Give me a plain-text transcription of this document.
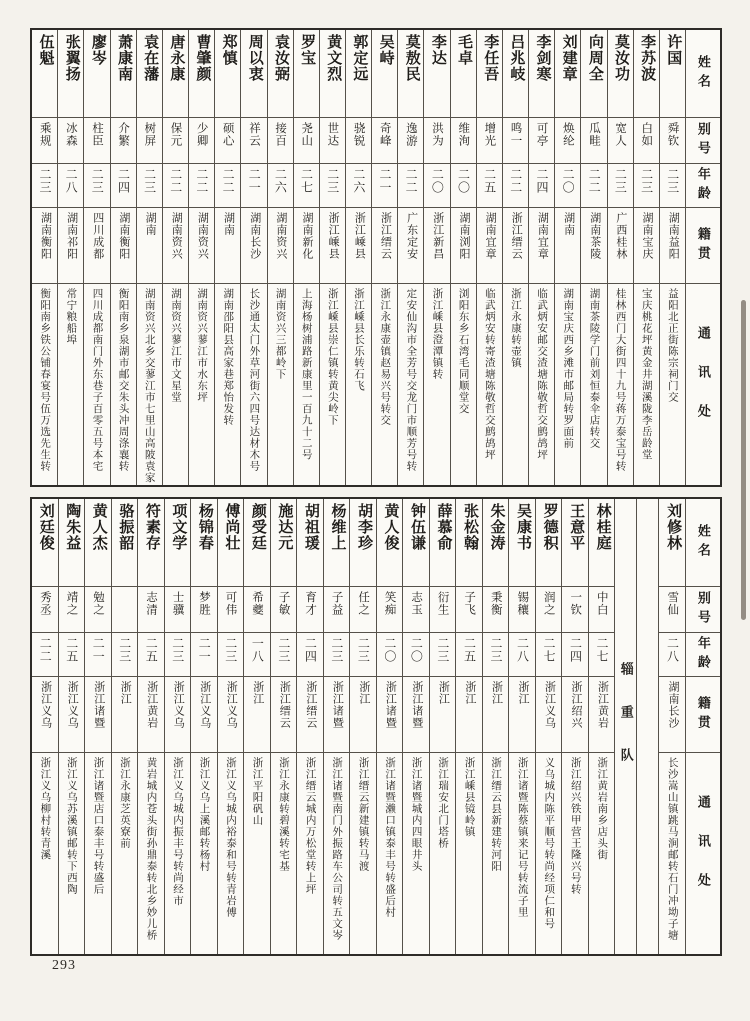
姓名
别号
年龄
籍贯
通讯处
许国
舜钦
二三
湖南益阳
益阳北正街陈宗祠门交
李苏波
白如
二三
湖南宝庆
宝庆桃花坪黄金井湖溪陇李岳龄堂
莫汝功
宽人
二三
广西桂林
桂林西门大街四十九号蒋万泰宝号转
向周全
瓜畦
二二
湖南茶陵
湖南茶陵学门前刘恒泰伞店转交
刘建章
焕纶
二〇
湖南
湖南宝庆西乡滩市邮局转罗面前
李剑寒
可亭
二四
湖南宜章
临武炳安邮交渣塘陈敬哲交鹧鸪坪
吕兆岐
鸣一
二二
浙江缙云
浙江永康转壶镇
李任吾
增光
二五
湖南宜章
临武炳安转寄渣塘陈敬哲交鹧鸪坪
毛卓
维洵
二〇
湖南浏阳
浏阳东乡石湾毛同顺堂交
李达
洪为
二〇
浙江新昌
浙江嵊县澄潭镇转
莫敖民
逸游
二二
广东定安
定安仙沟市全芳号交龙门市顺芳号转
吴峙
奇峰
二一
浙江缙云
浙江永康壶镇赵易兴号转交
郭定远
骁锐
二六
浙江嵊县
浙江嵊县长乐转石飞
黄文烈
世达
二三
浙江嵊县
浙江嵊县崇仁镇转黄尖岭下
罗宝
尧山
二七
湖南新化
上海杨树浦路新康里一百九十二号
袁汝弼
接百
二六
湖南资兴
湖南资兴三都岭下
周以衷
祥云
二一
湖南长沙
长沙通太门外草河街六四号达材木号
郑慎
硕心
二二
湖南
湖南邵阳县高家巷郑怡发转
曹肇颜
少卿
二二
湖南资兴
湖南资兴蓼江市水东坪
唐永康
保元
二二
湖南资兴
湖南资兴蓼江市文星堂
袁在藩
树屏
二三
湖南
湖南资兴北乡交蓼江市七里山高陂袁家
萧康南
介繁
二四
湖南衡阳
衡阳南乡泉湖市邮交朱头冲周涤襄转
廖岑
柱臣
二三
四川成都
四川成都南门外东巷子百零五号本宅
张翼扬
冰森
二八
湖南祁阳
常宁粮船埠
伍魁
乘规
二三
湖南衡阳
衡阳南乡铁公铺春宴号伍万选先生转
姓名
别号
年龄
籍贯
通讯处
刘修林
雪仙
二八
湖南长沙
长沙嵩山镇跳马涧邮转石门冲坳子塘
辎重队
林桂庭
中白
二七
浙江黄岩
浙江黄岩南乡店头街
王意平
一钦
二四
浙江绍兴
浙江绍兴铁甲营王隆兴号转
罗德积
润之
二七
浙江义乌
义乌城内陈平顺号转尚经项仁和号
吴康书
锡穰
二八
浙江
浙江诸暨陈蔡镇来记号转流子里
朱金涛
秉衡
二三
浙江
浙江缙云县新建转河阳
张松翰
子飞
二五
浙江
浙江嵊县镜岭镇
薛慕俞
衍生
二三
浙江
浙江瑞安北门塔桥
钟伍谦
志玉
二〇
浙江诸暨
浙江诸暨城内四眼井头
黄人俊
笑痴
二〇
浙江诸暨
浙江诸暨濑口镇泰丰号转盛后村
胡李珍
任之
二三
浙江
浙江缙云新建镇转马渡
杨维上
子益
二三
浙江诸暨
浙江诸暨南门外振路车公司转五文岑
胡祖瑗
育才
二四
浙江缙云
浙江缙云城内万松堂转上坪
施达元
子敏
二三
浙江缙云
浙江永康转碧溪转宅基
颜受廷
希夔
一八
浙江
浙江平阳矾山
傅尚壮
可伟
二三
浙江义乌
浙江义乌城内裕泰和号转青岩傅
杨锦春
梦胜
二一
浙江义乌
浙江义乌上溪邮转杨村
项文学
士骥
二三
浙江义乌
浙江义乌城内振丰号转尚经市
符素存
志清
二五
浙江黄岩
黄岩城内苍头街孙鼎泰转北乡妙儿桥
骆振韶
二三
浙江
浙江永康芝英寮前
黄人杰
勉之
二一
浙江诸暨
浙江诸暨店口泰丰号转盛后
陶朱益
靖之
二五
浙江义乌
浙江义乌苏溪镇邮转下西陶
刘廷俊
秀丞
二二
浙江义乌
浙江义乌柳村转青溪
293
